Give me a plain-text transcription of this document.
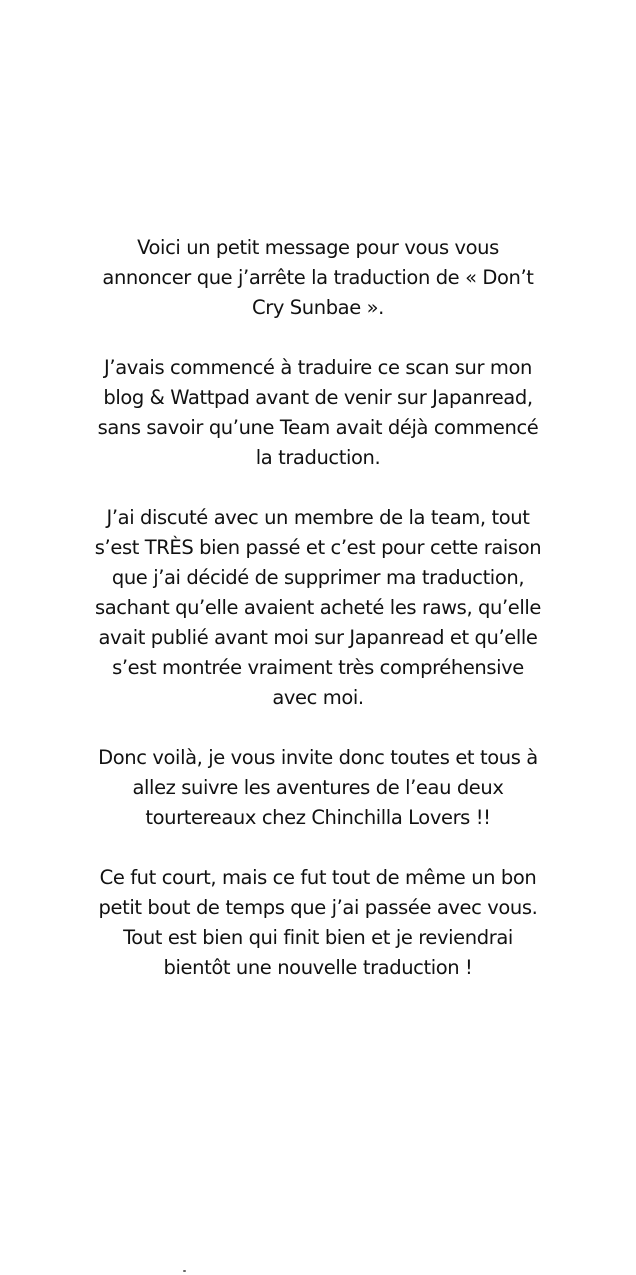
Voici un petit message pour vous vous annoncer que j’arrête la traduction de « Don’t Cry Sunbae ».

J’avais commencé à traduire ce scan sur mon blog & Wattpad avant de venir sur Japanread, sans savoir qu’une Team avait déjà commencé la traduction.

J’ai discuté avec un membre de la team, tout s’est TRÈS bien passé et c’est pour cette raison que j’ai décidé de supprimer ma traduction, sachant qu’elle avaient acheté les raws, qu’elle avait publié avant moi sur Japanread et qu’elle s’est montrée vraiment très compréhensive avec moi.

Donc voilà, je vous invite donc toutes et tous à allez suivre les aventures de l’eau deux tourtereaux chez Chinchilla Lovers !!

Ce fut court, mais ce fut tout de même un bon petit bout de temps que j’ai passée avec vous. Tout est bien qui finit bien et je reviendrai bientôt une nouvelle traduction !
